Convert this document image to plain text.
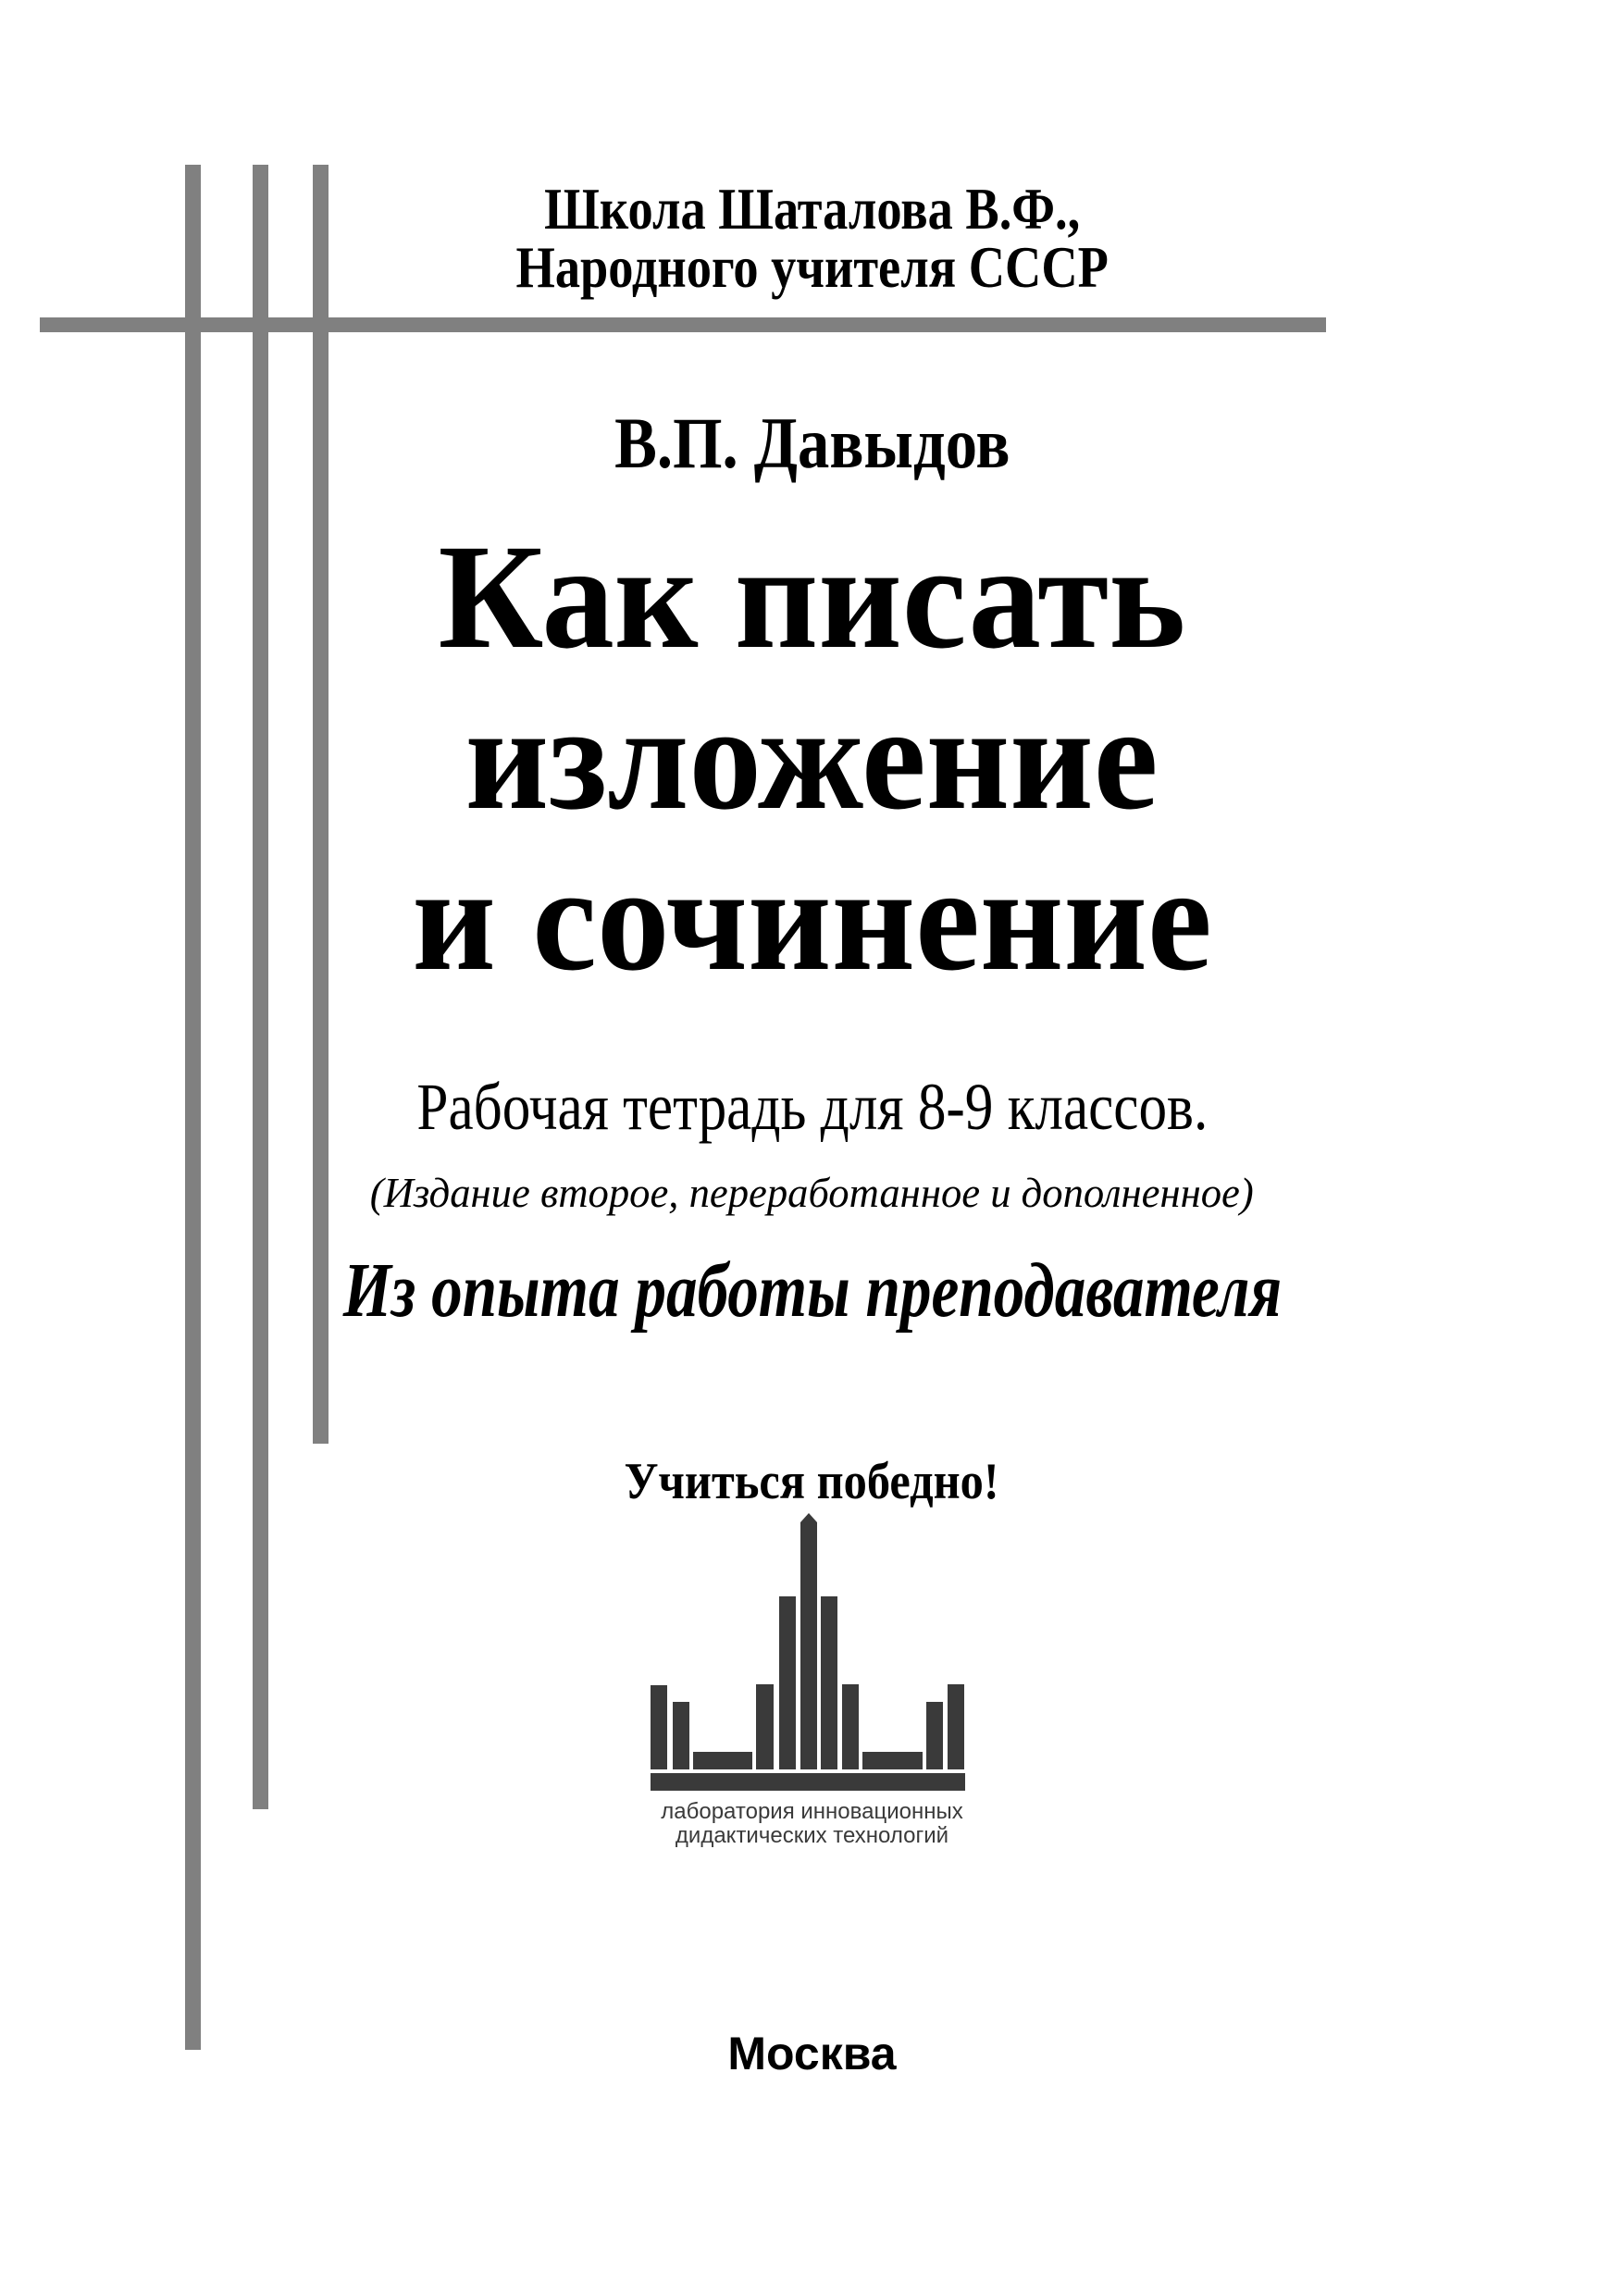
Школа Шаталова В.Ф.,
Народного учителя СССР
В.П. Давыдов
Как писать
изложение
и сочинение
Рабочая тетрадь для 8-9 классов.
(Издание второе, переработанное и дополненное)
Из опыта работы преподавателя
Учиться победно!
лаборатория инновационных
дидактических технологий
Москва
